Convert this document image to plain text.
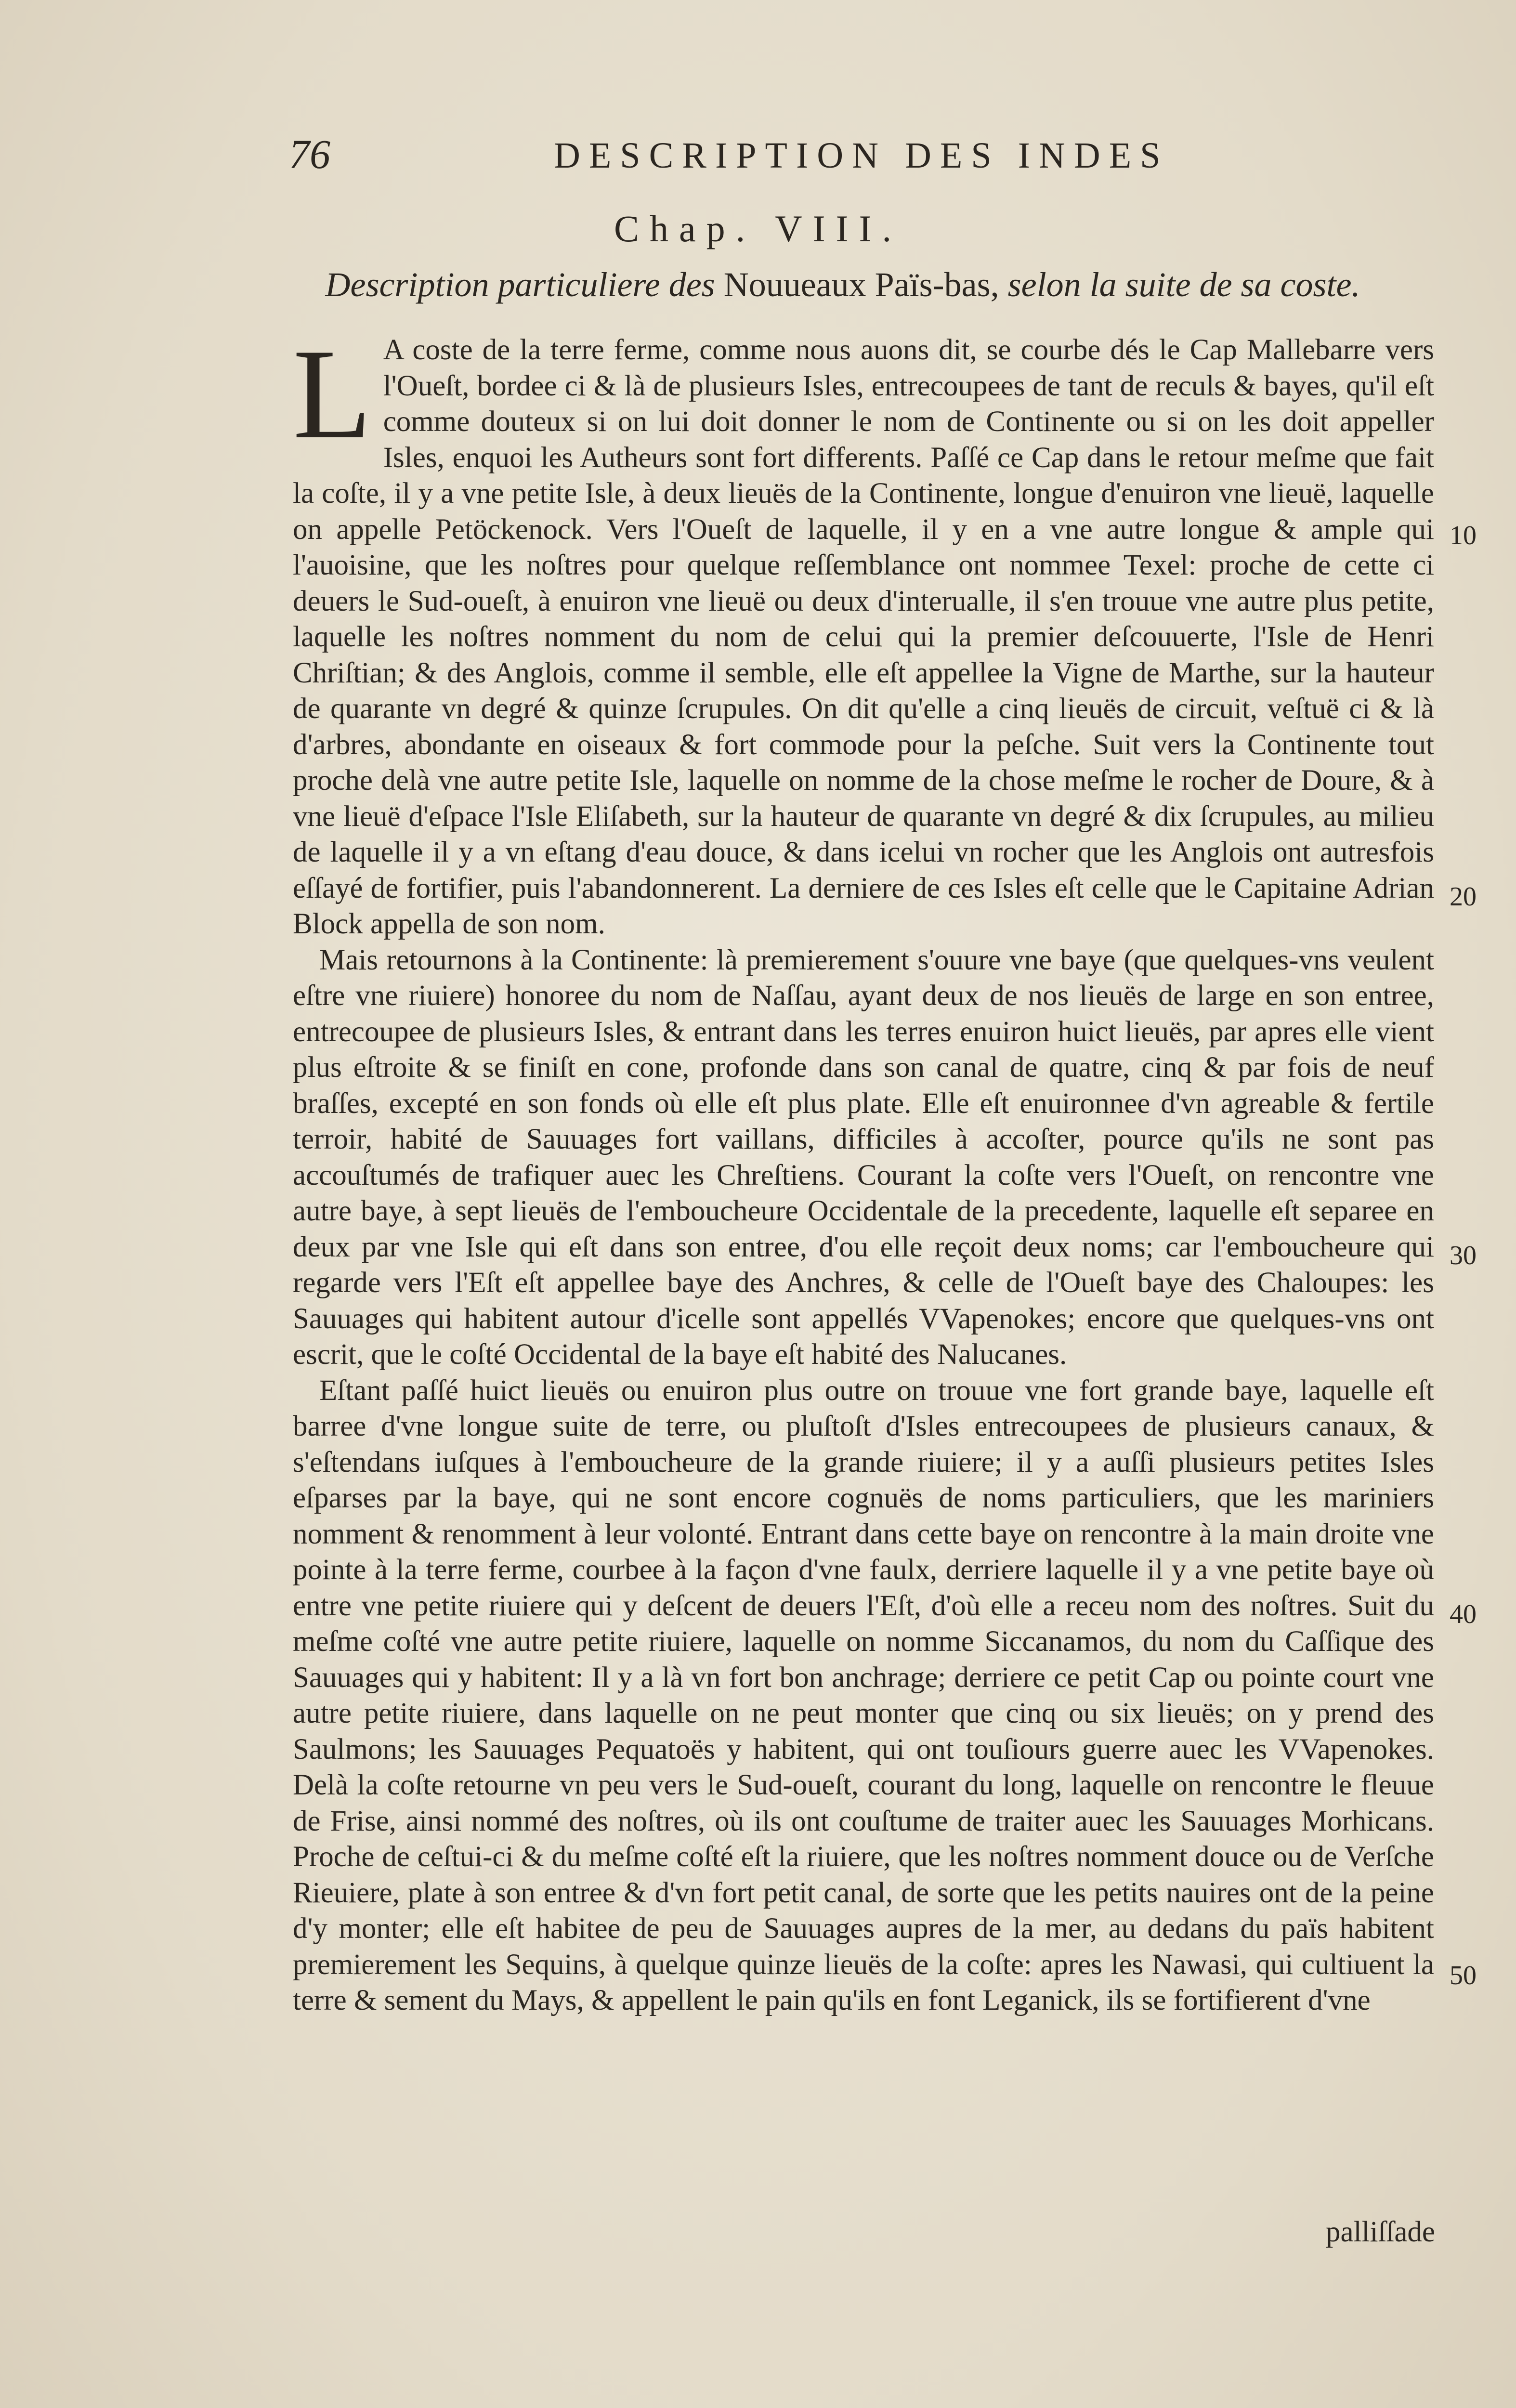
76	DESCRIPTION DES INDES
Chap. VIII.
Description particuliere des Nouueaux Païs-bas, selon la suite de sa coste.
L A coste de la terre ferme, comme nous auons dit, se courbe dés le Cap Mallebarre vers l'Oueſt, bordee ci & là de plusieurs Isles, entrecoupees de tant de reculs & bayes, qu'il eſt comme douteux si on lui doit donner le nom de Continente ou si on les doit appeller Isles, enquoi les Autheurs sont fort differents. Paſſé ce Cap dans le retour meſme que fait la coſte, il y a vne petite Isle, à deux lieuës de la Continente, longue d'enuiron vne lieuë, laquelle on appelle Petöckenock. Vers l'Oueſt de laquelle, il y en a vne autre longue & ample qui l'auoisine, que les noſtres pour quelque reſſemblance ont nommee Texel: proche de cette ci deuers le Sud-oueſt, à enuiron vne lieuë ou deux d'interualle, il s'en trouue vne autre plus petite, laquelle les noſtres nomment du nom de celui qui la premier deſcouuerte, l'Isle de Henri Chriſtian; & des Anglois, comme il semble, elle eſt appellee la Vigne de Marthe, sur la hauteur de quarante vn degré & quinze ſcrupules. On dit qu'elle a cinq lieuës de circuit, veſtuë ci & là d'arbres, abondante en oiseaux & fort commode pour la peſche. Suit vers la Continente tout proche delà vne autre petite Isle, laquelle on nomme de la chose meſme le rocher de Doure, & à vne lieuë d'eſpace l'Isle Eliſabeth, sur la hauteur de quarante vn degré & dix ſcrupules, au milieu de laquelle il y a vn eſtang d'eau douce, & dans icelui vn rocher que les Anglois ont autresfois eſſayé de fortifier, puis l'abandonnerent. La derniere de ces Isles eſt celle que le Capitaine Adrian Block appella de son nom.

Mais retournons à la Continente: là premierement s'ouure vne baye (que quelques-vns veulent eſtre vne riuiere) honoree du nom de Naſſau, ayant deux de nos lieuës de large en son entree, entrecoupee de plusieurs Isles, & entrant dans les terres enuiron huict lieuës, par apres elle vient plus eſtroite & se finiſt en cone, profonde dans son canal de quatre, cinq & par fois de neuf braſſes, excepté en son fonds où elle eſt plus plate. Elle eſt enuironnee d'vn agreable & fertile terroir, habité de Sauuages fort vaillans, difficiles à accoſter, pource qu'ils ne sont pas accouſtumés de trafiquer auec les Chreſtiens. Courant la coſte vers l'Oueſt, on rencontre vne autre baye, à sept lieuës de l'emboucheure Occidentale de la precedente, laquelle eſt separee en deux par vne Isle qui eſt dans son entree, d'ou elle reçoit deux noms; car l'emboucheure qui regarde vers l'Eſt eſt appellee baye des Anchres, & celle de l'Oueſt baye des Chaloupes: les Sauuages qui habitent autour d'icelle sont appellés VVapenokes; encore que quelques-vns ont escrit, que le coſté Occidental de la baye eſt habité des Nalucanes.

Eſtant paſſé huict lieuës ou enuiron plus outre on trouue vne fort grande baye, laquelle eſt barree d'vne longue suite de terre, ou pluſtoſt d'Isles entrecoupees de plusieurs canaux, & s'eſtendans iuſques à l'emboucheure de la grande riuiere; il y a auſſi plusieurs petites Isles eſparses par la baye, qui ne sont encore cognuës de noms particuliers, que les mariniers nomment & renomment à leur volonté. Entrant dans cette baye on rencontre à la main droite vne pointe à la terre ferme, courbee à la façon d'vne faulx, derriere laquelle il y a vne petite baye où entre vne petite riuiere qui y deſcent de deuers l'Eſt, d'où elle a receu nom des noſtres. Suit du meſme coſté vne autre petite riuiere, laquelle on nomme Siccanamos, du nom du Caſſique des Sauuages qui y habitent: Il y a là vn fort bon anchrage; derriere ce petit Cap ou pointe court vne autre petite riuiere, dans laquelle on ne peut monter que cinq ou six lieuës; on y prend des Saulmons; les Sauuages Pequatoës y habitent, qui ont touſiours guerre auec les VVapenokes. Delà la coſte retourne vn peu vers le Sud-oueſt, courant du long, laquelle on rencontre le fleuue de Frise, ainsi nommé des noſtres, où ils ont couſtume de traiter auec les Sauuages Morhicans. Proche de ceſtui-ci & du meſme coſté eſt la riuiere, que les noſtres nomment douce ou de Verſche Rieuiere, plate à son entree & d'vn fort petit canal, de sorte que les petits nauires ont de la peine d'y monter; elle eſt habitee de peu de Sauuages aupres de la mer, au dedans du païs habitent premierement les Sequins, à quelque quinze lieuës de la coſte: apres les Nawasi, qui cultiuent la terre & sement du Mays, & appellent le pain qu'ils en font Leganick, ils se fortifierent d'vne

10
20
30
40
50
palliſſade
